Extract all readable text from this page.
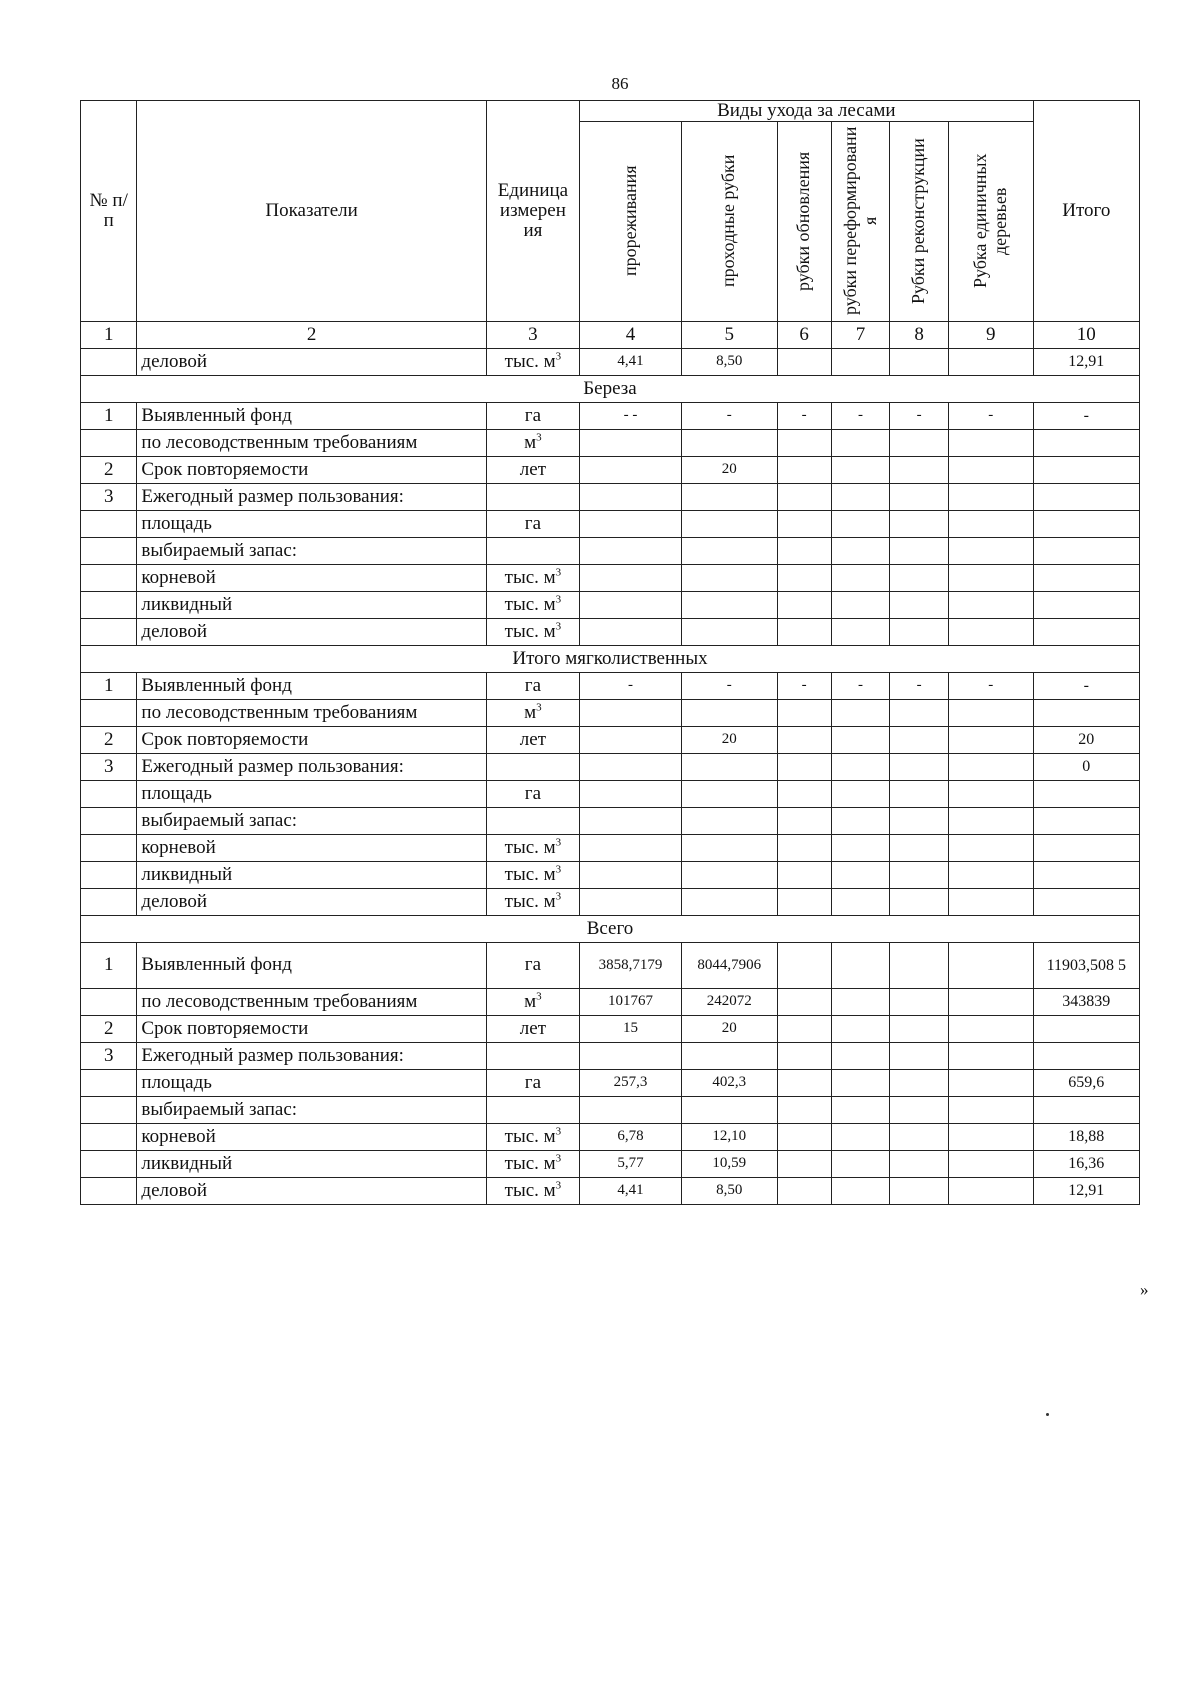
86
№ п/п	Показатели	Единица измерен ия	Виды ухода за лесами						Итого

прореживания	проходные рубки	рубки обновления	рубки переформировани я	Рубки реконструкции	Рубка единичных деревьев	

1	2	3	4	5	6	7	8	9	10
	деловой	тыс. $м^3$	4,41	8,50					12,91
Береза									
1	Выявленный фонд	га	- -	-	-	-	-	-	-
	по лесоводственным требованиям	$м^3$							
2	Срок повторяемости	лет		20					
3	Ежегодный размер пользования:								
	площадь	га							
	выбираемый запас:								
	корневой	тыс. $м^3$							
	ликвидный	тыс. $м^3$							
	деловой	тыс. $м^3$							
Итого мягколиственных									
1	Выявленный фонд	га	-	-	-	-	-	-	-
	по лесоводственным требованиям	$м^3$							
2	Срок повторяемости	лет		20					20
3	Ежегодный размер пользования:								0
	площадь	га							
	выбираемый запас:								
	корневой	тыс. $м^3$							
	ликвидный	тыс. $м^3$							
	деловой	тыс. $м^3$							
Всего									
1	Выявленный фонд	га	3858,7179	8044,7906					11903,508 5
	по лесоводственным требованиям	$м^3$	101767	242072					343839
2	Срок повторяемости	лет	15	20					
3	Ежегодный размер пользования:								
	площадь	га	257,3	402,3					659,6
	выбираемый запас:								
	корневой	тыс. $м^3$	6,78	12,10					18,88
	ликвидный	тыс. $м^3$	5,77	10,59					16,36
	деловой	тыс. $м^3$	4,41	8,50					12,91
»
